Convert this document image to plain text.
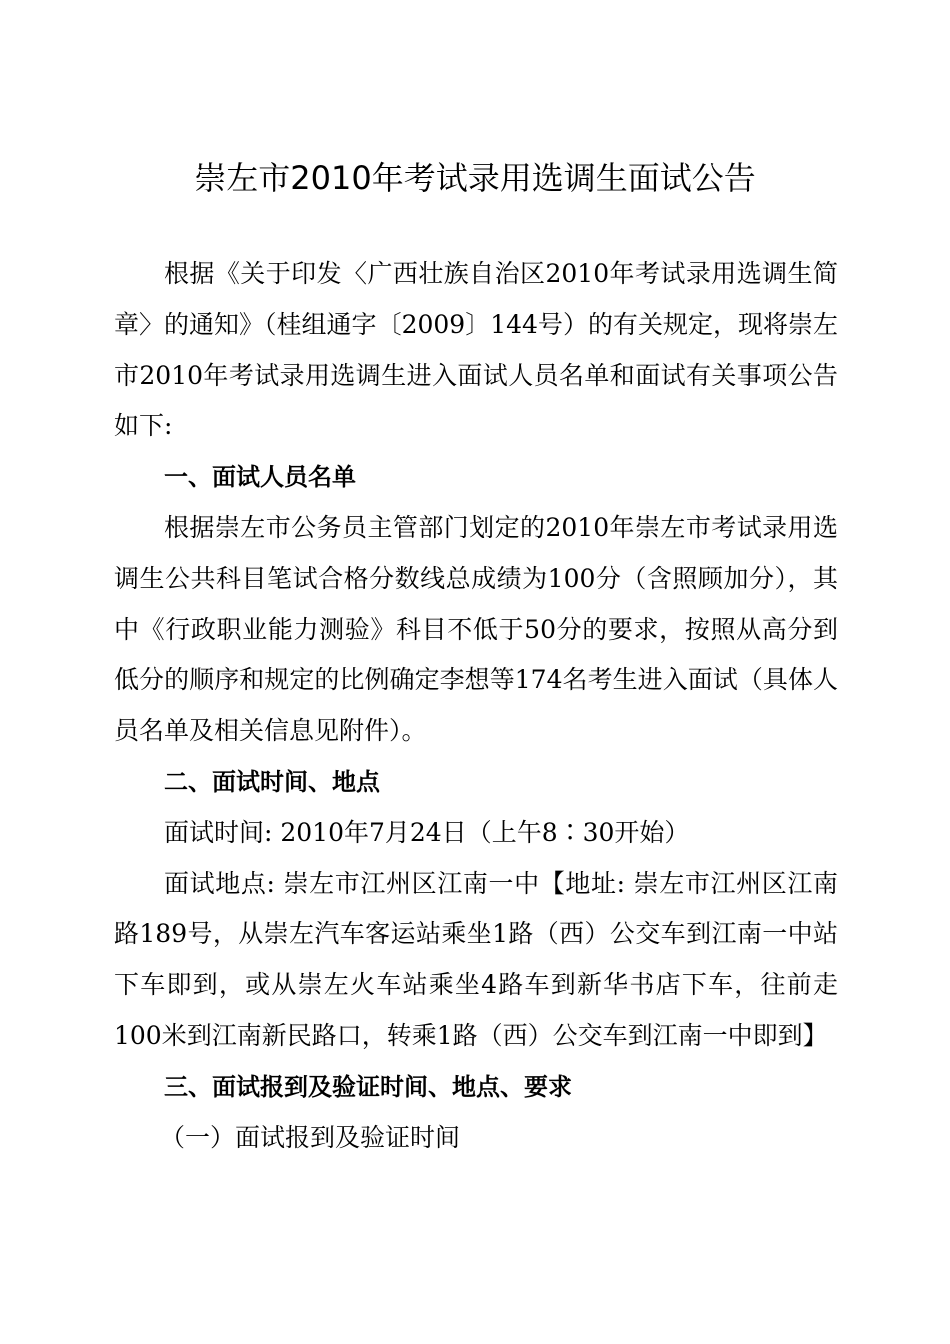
崇左市2010年考试录用选调生面试公告

根据《关于印发〈广西壮族自治区2010年考试录用选调生简章〉的通知》（桂组通字〔2009〕144号）的有关规定，现将崇左市2010年考试录用选调生进入面试人员名单和面试有关事项公告如下:

一、面试人员名单

根据崇左市公务员主管部门划定的2010年崇左市考试录用选调生公共科目笔试合格分数线总成绩为100分（含照顾加分），其中《行政职业能力测验》科目不低于50分的要求，按照从高分到低分的顺序和规定的比例确定李想等174名考生进入面试（具体人员名单及相关信息见附件）。

二、面试时间、地点

面试时间: 2010年7月24日（上午8∶30开始）

面试地点: 崇左市江州区江南一中【地址: 崇左市江州区江南路189号，从崇左汽车客运站乘坐1路（西）公交车到江南一中站下车即到，或从崇左火车站乘坐4路车到新华书店下车，往前走100米到江南新民路口，转乘1路（西）公交车到江南一中即到】

三、面试报到及验证时间、地点、要求

（一）面试报到及验证时间
